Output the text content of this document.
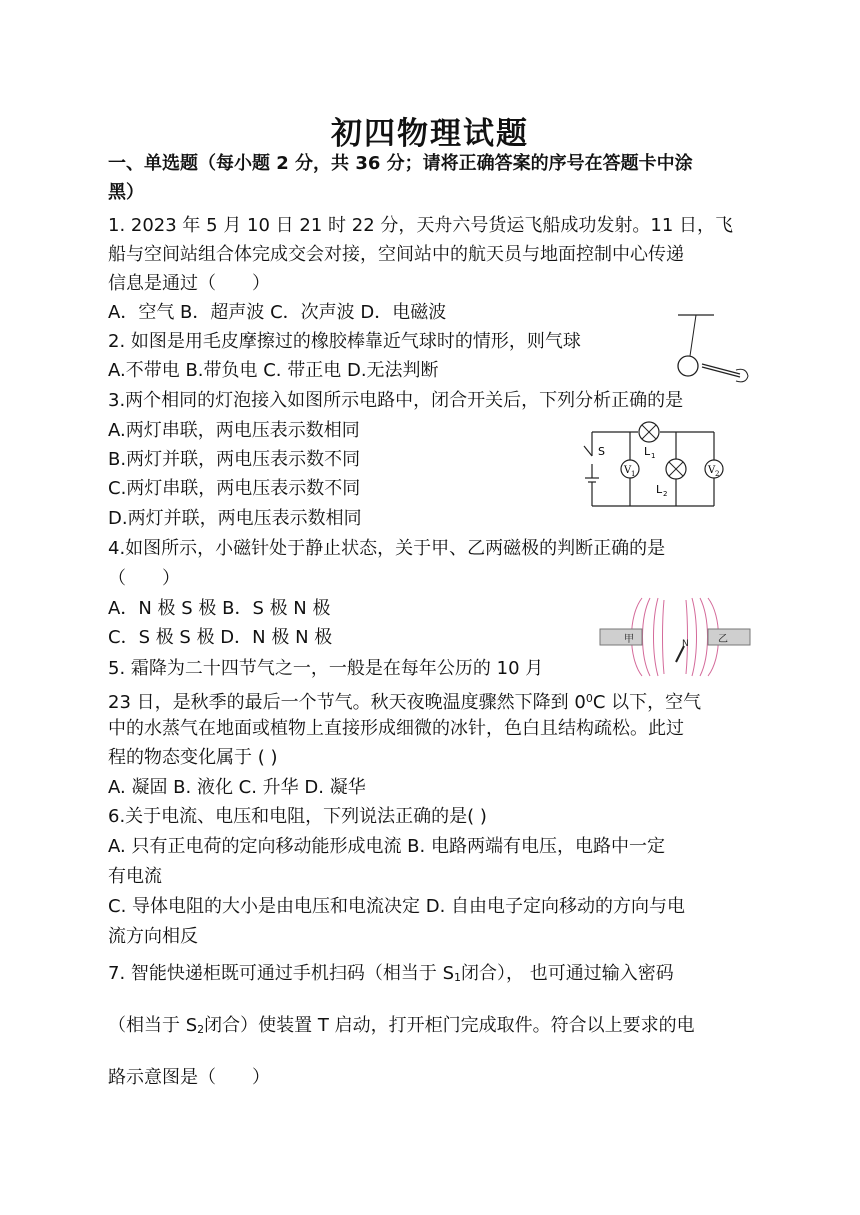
初四物理试题
一、单选题（每小题 2 分，共 36 分；请将正确答案的序号在答题卡中涂
黑）
1. 2023 年 5 月 10 日 21 时 22 分，天舟六号货运飞船成功发射。11 日，飞
船与空间站组合体完成交会对接，空间站中的航天员与地面控制中心传递
信息是通过（　　）
A．空气 B．超声波 C．次声波 D．电磁波
2. 如图是用毛皮摩擦过的橡胶棒靠近气球时的情形，则气球
A.不带电 B.带负电 C. 带正电 D.无法判断
3.两个相同的灯泡接入如图所示电路中，闭合开关后，下列分析正确的是
A.两灯串联，两电压表示数相同
B.两灯并联，两电压表示数不同
C.两灯串联，两电压表示数不同
D.两灯并联，两电压表示数相同
V 1	V 2
S	L 1
L 2
4.如图所示，小磁针处于静止状态，关于甲、乙两磁极的判断正确的是
（　　）
A．N 极 S 极 B．S 极 N 极
C．S 极 S 极 D．N 极 N 极	甲	乙
N
5. 霜降为二十四节气之一，一般是在每年公历的 10 月
23 日，是秋季的最后一个节气。秋天夜晚温度骤然下降到 $0^0C$ 以下，空气
中的水蒸气在地面或植物上直接形成细微的冰针，色白且结构疏松。此过
程的物态变化属于 ( )
A. 凝固 B. 液化 C. 升华 D. 凝华
6.关于电流、电压和电阻，下列说法正确的是( )
A. 只有正电荷的定向移动能形成电流 B. 电路两端有电压，电路中一定
有电流
C. 导体电阻的大小是由电压和电流决定 D. 自由电子定向移动的方向与电
流方向相反
7. 智能快递柜既可通过手机扫码（相当于 $S_1$闭合）， 也可通过输入密码
（相当于 $S_2$闭合）使装置 T 启动，打开柜门完成取件。符合以上要求的电
路示意图是（　　）
